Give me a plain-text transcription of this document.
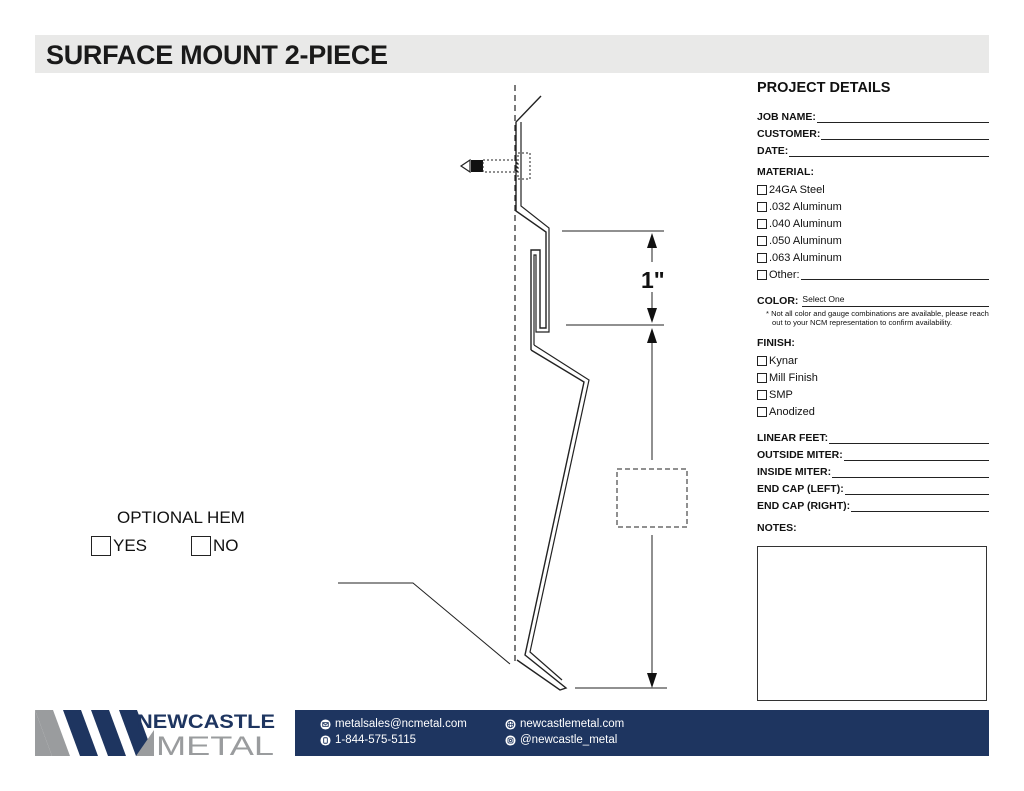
SURFACE MOUNT 2-PIECE
1"
OPTIONAL HEM
YES	NO
PROJECT DETAILS
JOB NAME:
CUSTOMER:
DATE:
MATERIAL:
24GA Steel
.032 Aluminum
.040 Aluminum
.050 Aluminum
.063 Aluminum
Other:
COLOR: Select One
* Not all color and gauge combinations are available, please reach out to your NCM representation to confirm availability.
FINISH:
Kynar
Mill Finish
SMP
Anodized
LINEAR FEET:
OUTSIDE MITER:
INSIDE MITER:
END CAP (LEFT):
END CAP (RIGHT):
NOTES:
NEWCASTLE
METAL
metalsales@ncmetal.com
1-844-575-5115
newcastlemetal.com
@newcastle_metal
